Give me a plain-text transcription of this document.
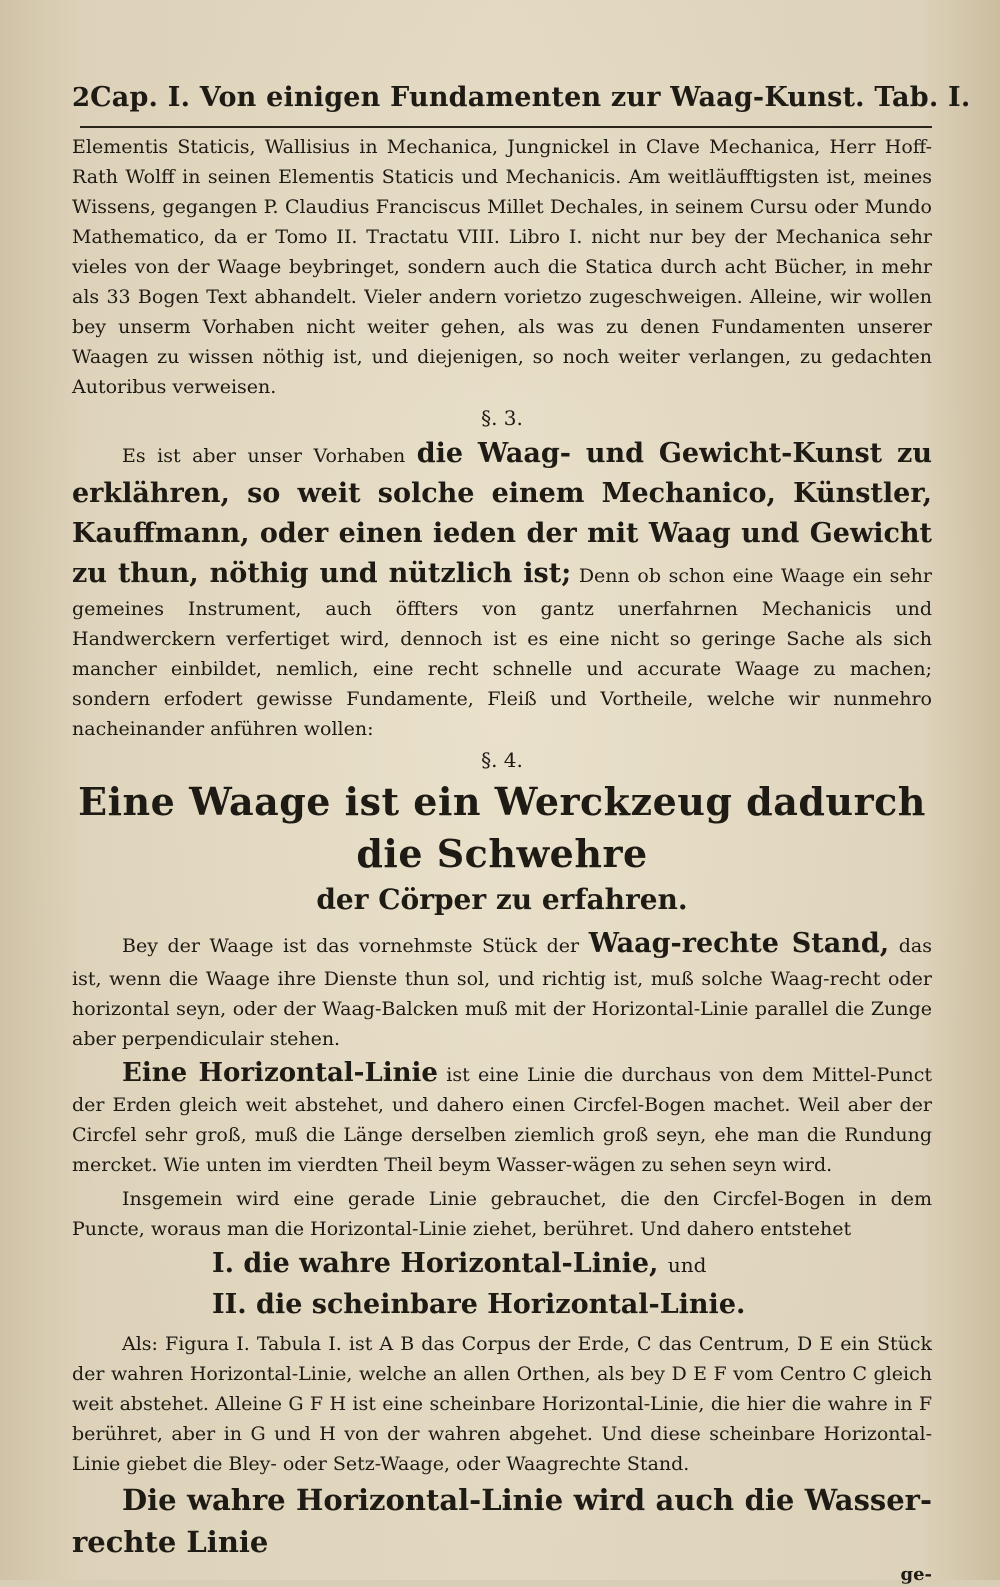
2 Cap. I. Von einigen Fundamenten zur Waag-Kunst. Tab. I.

Elementis Staticis, Wallisius in Mechanica, Jungnickel in Clave Mechanica, Herr Hoff-Rath Wolff in seinen Elementis Staticis und Mechanicis. Am weitläufftigsten ist, meines Wissens, gegangen P. Claudius Franciscus Millet Dechales, in seinem Cursu oder Mundo Mathematico, da er Tomo II. Tractatu VIII. Libro I. nicht nur bey der Mechanica sehr vieles von der Waage beybringet, sondern auch die Statica durch acht Bücher, in mehr als 33 Bogen Text abhandelt. Vieler andern vorietzo zugeschweigen. Alleine, wir wollen bey unserm Vorhaben nicht weiter gehen, als was zu denen Fundamenten unserer Waagen zu wissen nöthig ist, und diejenigen, so noch weiter verlangen, zu gedachten Autoribus verweisen.

§. 3.

Es ist aber unser Vorhaben die Waag- und Gewicht-Kunst zu erklähren, so weit solche einem Mechanico, Künstler, Kauffmann, oder einen ieden der mit Waag und Gewicht zu thun, nöthig und nützlich ist; Denn ob schon eine Waage ein sehr gemeines Instrument, auch öffters von gantz unerfahrnen Mechanicis und Handwerckern verfertiget wird, dennoch ist es eine nicht so geringe Sache als sich mancher einbildet, nemlich, eine recht schnelle und accurate Waage zu machen; sondern erfodert gewisse Fundamente, Fleiß und Vortheile, welche wir nunmehro nacheinander anführen wollen:

§. 4.

Eine Waage ist ein Werckzeug dadurch die Schwehre
der Cörper zu erfahren.

Bey der Waage ist das vornehmste Stück der Waag-rechte Stand, das ist, wenn die Waage ihre Dienste thun sol, und richtig ist, muß solche Waag-recht oder horizontal seyn, oder der Waag-Balcken muß mit der Horizontal-Linie parallel die Zunge aber perpendiculair stehen.

Eine Horizontal-Linie ist eine Linie die durchaus von dem Mittel-Punct der Erden gleich weit abstehet, und dahero einen Circfel-Bogen machet. Weil aber der Circfel sehr groß, muß die Länge derselben ziemlich groß seyn, ehe man die Rundung mercket. Wie unten im vierdten Theil beym Wasser-wägen zu sehen seyn wird.

Insgemein wird eine gerade Linie gebrauchet, die den Circfel-Bogen in dem Puncte, woraus man die Horizontal-Linie ziehet, berühret. Und dahero entstehet

I. die wahre Horizontal-Linie, und

II. die scheinbare Horizontal-Linie.

Als: Figura I. Tabula I. ist A B das Corpus der Erde, C das Centrum, D E ein Stück der wahren Horizontal-Linie, welche an allen Orthen, als bey D E F vom Centro C gleich weit abstehet. Alleine G F H ist eine scheinbare Horizontal-Linie, die hier die wahre in F berühret, aber in G und H von der wahren abgehet. Und diese scheinbare Horizontal-Linie giebet die Bley- oder Setz-Waage, oder Waagrechte Stand.

Die wahre Horizontal-Linie wird auch die Wasser-rechte Linie

ge-
